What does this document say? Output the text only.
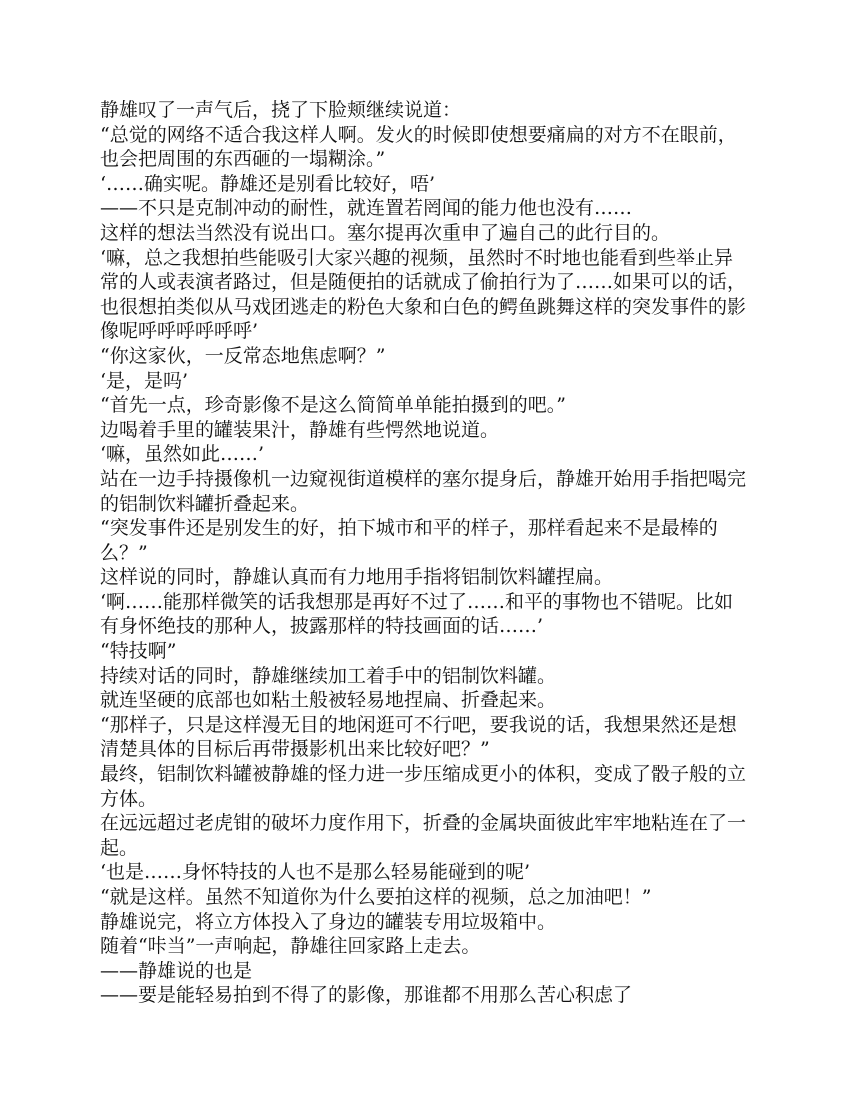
静雄叹了一声气后，挠了下脸颊继续说道：

“总觉的网络不适合我这样人啊。发火的时候即使想要痛扁的对方不在眼前，也会把周围的东西砸的一塌糊涂。”

‘……确实呢。静雄还是别看比较好，唔’

——不只是克制冲动的耐性，就连置若罔闻的能力他也没有……

这样的想法当然没有说出口。塞尔提再次重申了遍自己的此行目的。

‘嘛，总之我想拍些能吸引大家兴趣的视频，虽然时不时地也能看到些举止异常的人或表演者路过，但是随便拍的话就成了偷拍行为了……如果可以的话，也很想拍类似从马戏团逃走的粉色大象和白色的鳄鱼跳舞这样的突发事件的影像呢呼呼呼呼呼呼’

“你这家伙，一反常态地焦虑啊？”

‘是，是吗’

“首先一点，珍奇影像不是这么简简单单能拍摄到的吧。”

边喝着手里的罐装果汁，静雄有些愕然地说道。

‘嘛，虽然如此……’

站在一边手持摄像机一边窥视街道模样的塞尔提身后，静雄开始用手指把喝完的铝制饮料罐折叠起来。

“突发事件还是别发生的好，拍下城市和平的样子，那样看起来不是最棒的么？”

这样说的同时，静雄认真而有力地用手指将铝制饮料罐捏扁。

‘啊……能那样微笑的话我想那是再好不过了……和平的事物也不错呢。比如有身怀绝技的那种人，披露那样的特技画面的话……’

“特技啊”

持续对话的同时，静雄继续加工着手中的铝制饮料罐。

就连坚硬的底部也如粘土般被轻易地捏扁、折叠起来。

“那样子，只是这样漫无目的地闲逛可不行吧，要我说的话，我想果然还是想清楚具体的目标后再带摄影机出来比较好吧？”

最终，铝制饮料罐被静雄的怪力进一步压缩成更小的体积，变成了骰子般的立方体。

在远远超过老虎钳的破坏力度作用下，折叠的金属块面彼此牢牢地粘连在了一起。

‘也是……身怀特技的人也不是那么轻易能碰到的呢’

“就是这样。虽然不知道你为什么要拍这样的视频，总之加油吧！”

静雄说完，将立方体投入了身边的罐装专用垃圾箱中。

随着“咔当”一声响起，静雄往回家路上走去。

——静雄说的也是

——要是能轻易拍到不得了的影像，那谁都不用那么苦心积虑了
